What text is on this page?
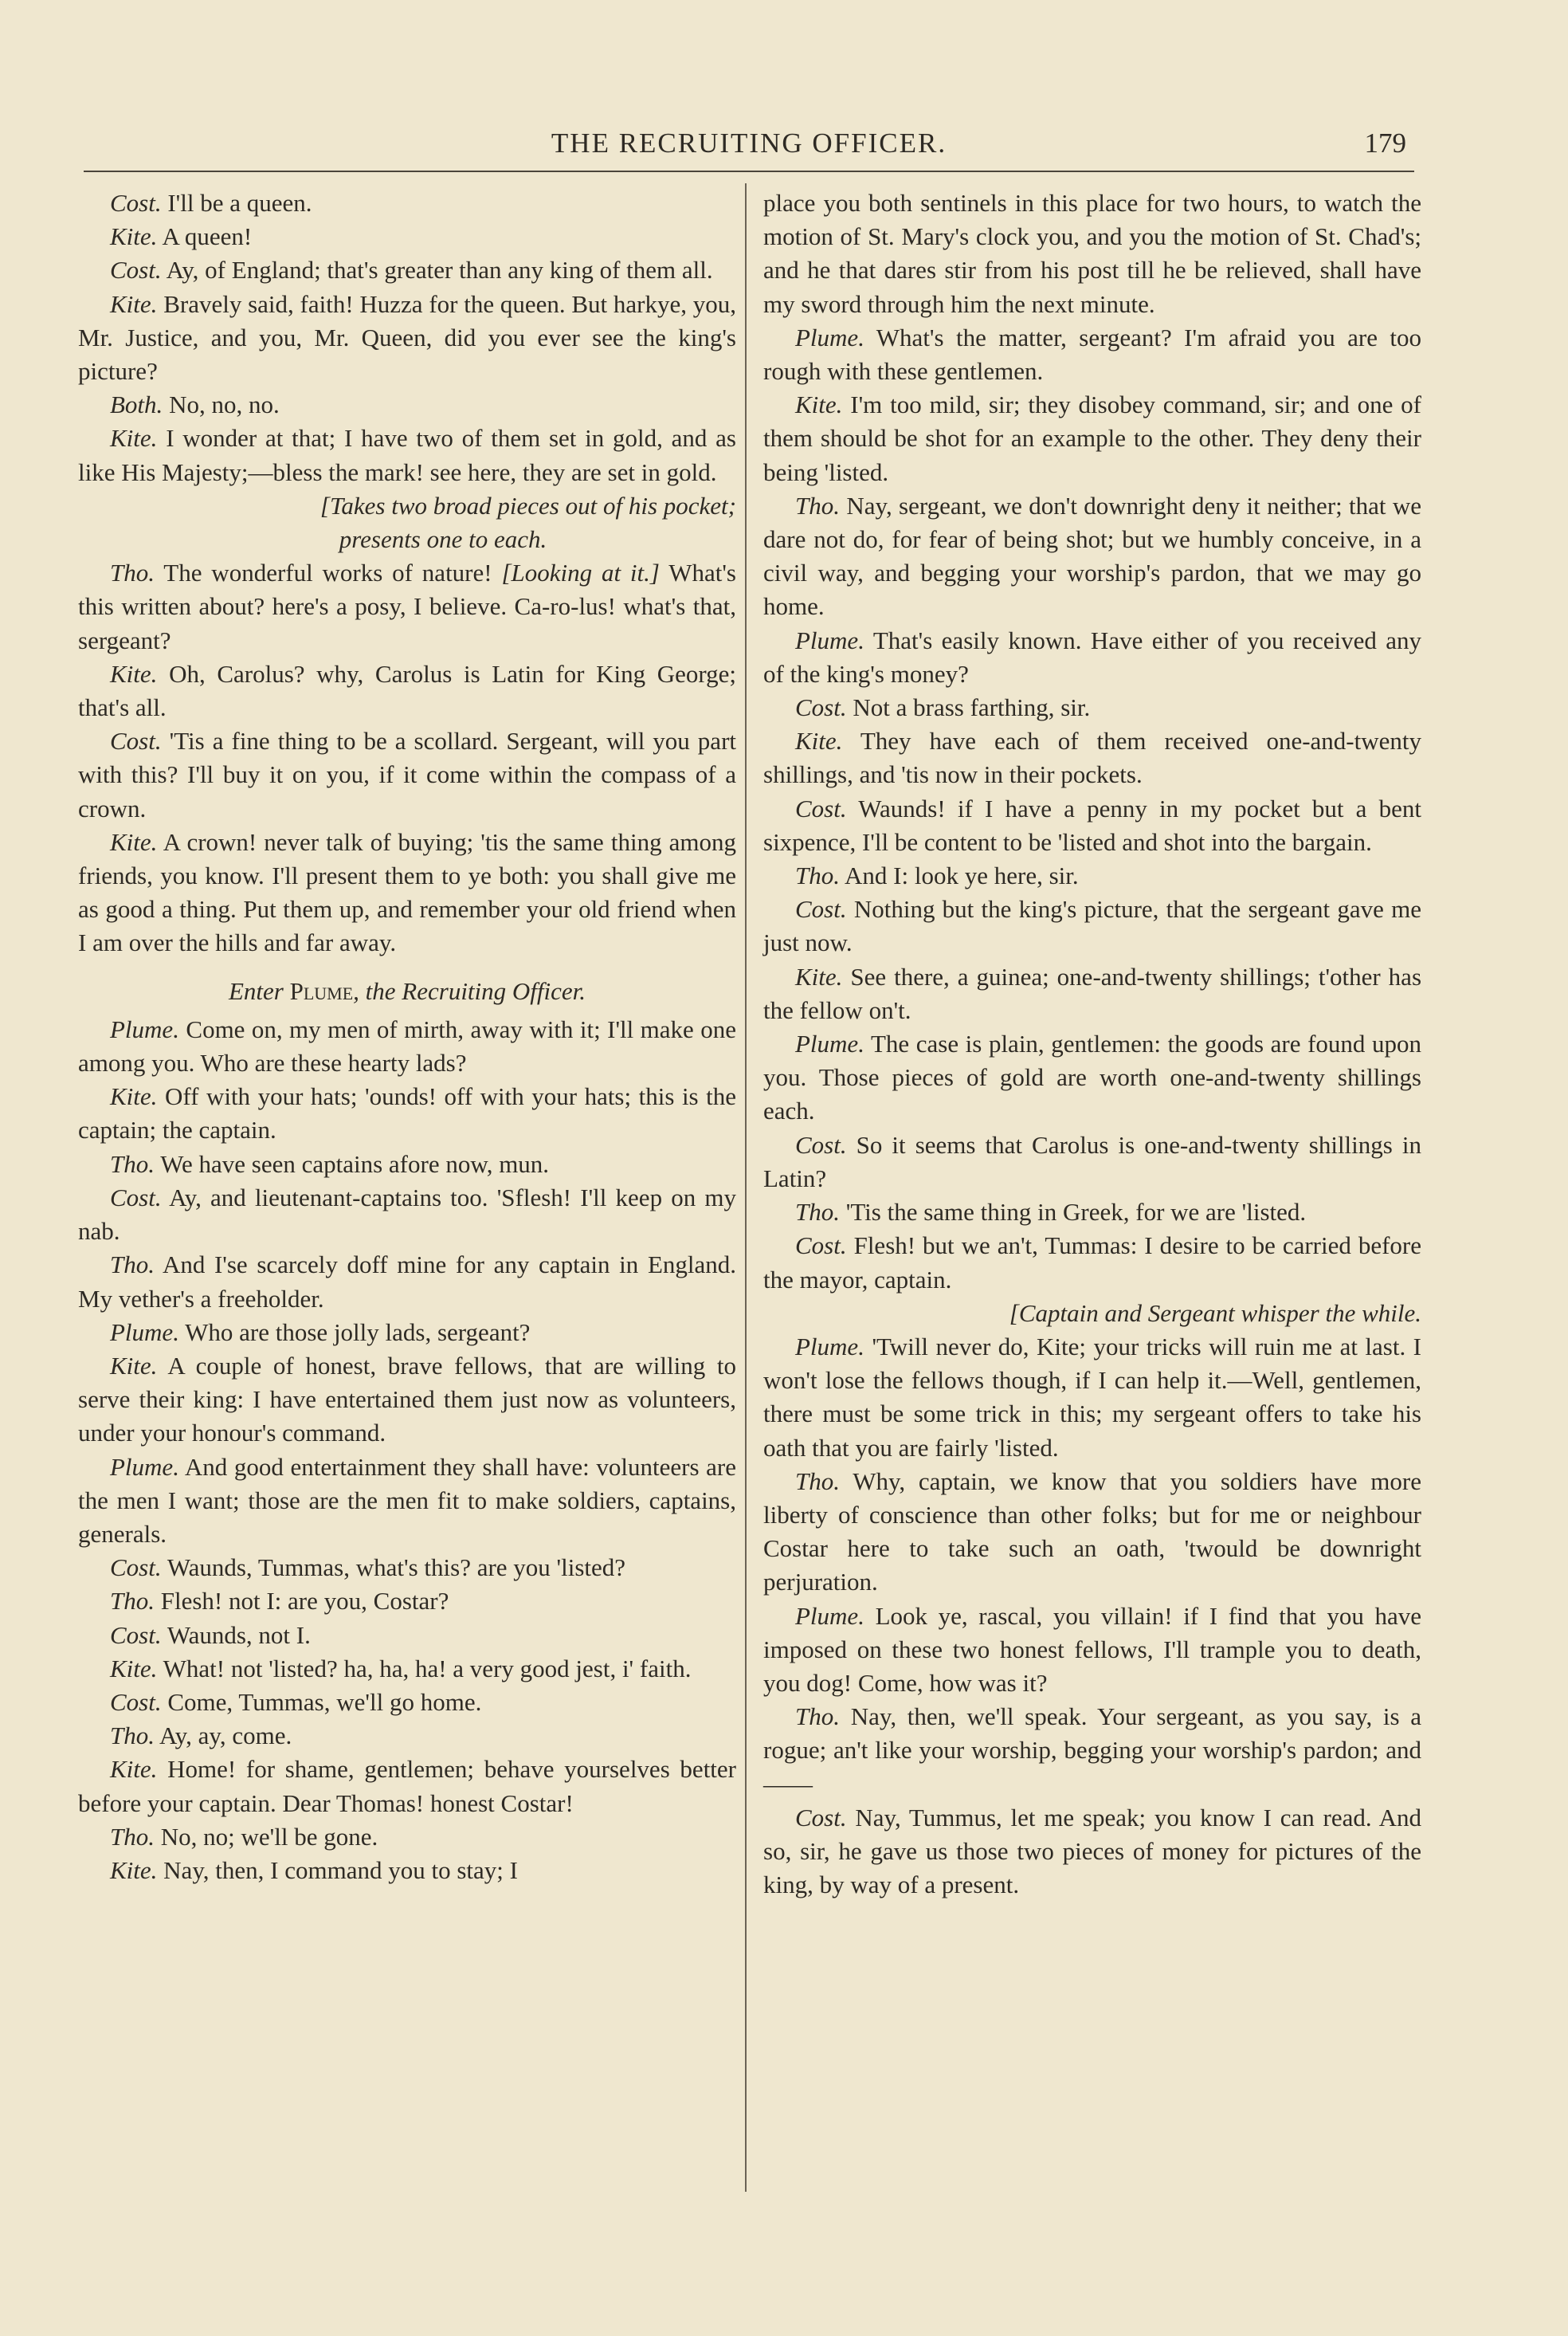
THE RECRUITING OFFICER.	179

Cost. I'll be a queen.

Kite. A queen!

Cost. Ay, of England; that's greater than any king of them all.

Kite. Bravely said, faith! Huzza for the queen. But harkye, you, Mr. Justice, and you, Mr. Queen, did you ever see the king's picture?

Both. No, no, no.

Kite. I wonder at that; I have two of them set in gold, and as like His Majesty;—bless the mark! see here, they are set in gold.

[Takes two broad pieces out of his pocket;
presents one to each.

Tho. The wonderful works of nature! [Looking at it.] What's this written about? here's a posy, I believe. Ca-ro-lus! what's that, sergeant?

Kite. Oh, Carolus? why, Carolus is Latin for King George; that's all.

Cost. 'Tis a fine thing to be a scollard. Sergeant, will you part with this? I'll buy it on you, if it come within the compass of a crown.

Kite. A crown! never talk of buying; 'tis the same thing among friends, you know. I'll present them to ye both: you shall give me as good a thing. Put them up, and remember your old friend when I am over the hills and far away.

Enter Plume, the Recruiting Officer.

Plume. Come on, my men of mirth, away with it; I'll make one among you. Who are these hearty lads?

Kite. Off with your hats; 'ounds! off with your hats; this is the captain; the captain.

Tho. We have seen captains afore now, mun.

Cost. Ay, and lieutenant-captains too. 'Sflesh! I'll keep on my nab.

Tho. And I'se scarcely doff mine for any captain in England. My vether's a freeholder.

Plume. Who are those jolly lads, sergeant?

Kite. A couple of honest, brave fellows, that are willing to serve their king: I have entertained them just now as volunteers, under your honour's command.

Plume. And good entertainment they shall have: volunteers are the men I want; those are the men fit to make soldiers, captains, generals.

Cost. Waunds, Tummas, what's this? are you 'listed?

Tho. Flesh! not I: are you, Costar?

Cost. Waunds, not I.

Kite. What! not 'listed? ha, ha, ha! a very good jest, i' faith.

Cost. Come, Tummas, we'll go home.

Tho. Ay, ay, come.

Kite. Home! for shame, gentlemen; behave yourselves better before your captain. Dear Thomas! honest Costar!

Tho. No, no; we'll be gone.

Kite. Nay, then, I command you to stay; I

place you both sentinels in this place for two hours, to watch the motion of St. Mary's clock you, and you the motion of St. Chad's; and he that dares stir from his post till he be relieved, shall have my sword through him the next minute.

Plume. What's the matter, sergeant? I'm afraid you are too rough with these gentlemen.

Kite. I'm too mild, sir; they disobey command, sir; and one of them should be shot for an example to the other. They deny their being 'listed.

Tho. Nay, sergeant, we don't downright deny it neither; that we dare not do, for fear of being shot; but we humbly conceive, in a civil way, and begging your worship's pardon, that we may go home.

Plume. That's easily known. Have either of you received any of the king's money?

Cost. Not a brass farthing, sir.

Kite. They have each of them received one-and-twenty shillings, and 'tis now in their pockets.

Cost. Waunds! if I have a penny in my pocket but a bent sixpence, I'll be content to be 'listed and shot into the bargain.

Tho. And I: look ye here, sir.

Cost. Nothing but the king's picture, that the sergeant gave me just now.

Kite. See there, a guinea; one-and-twenty shillings; t'other has the fellow on't.

Plume. The case is plain, gentlemen: the goods are found upon you. Those pieces of gold are worth one-and-twenty shillings each.

Cost. So it seems that Carolus is one-and-twenty shillings in Latin?

Tho. 'Tis the same thing in Greek, for we are 'listed.

Cost. Flesh! but we an't, Tummas: I desire to be carried before the mayor, captain.

[Captain and Sergeant whisper the while.

Plume. 'Twill never do, Kite; your tricks will ruin me at last. I won't lose the fellows though, if I can help it.—Well, gentlemen, there must be some trick in this; my sergeant offers to take his oath that you are fairly 'listed.

Tho. Why, captain, we know that you soldiers have more liberty of conscience than other folks; but for me or neighbour Costar here to take such an oath, 'twould be downright perjuration.

Plume. Look ye, rascal, you villain! if I find that you have imposed on these two honest fellows, I'll trample you to death, you dog! Come, how was it?

Tho. Nay, then, we'll speak. Your sergeant, as you say, is a rogue; an't like your worship, begging your worship's pardon; and——

Cost. Nay, Tummus, let me speak; you know I can read. And so, sir, he gave us those two pieces of money for pictures of the king, by way of a present.
